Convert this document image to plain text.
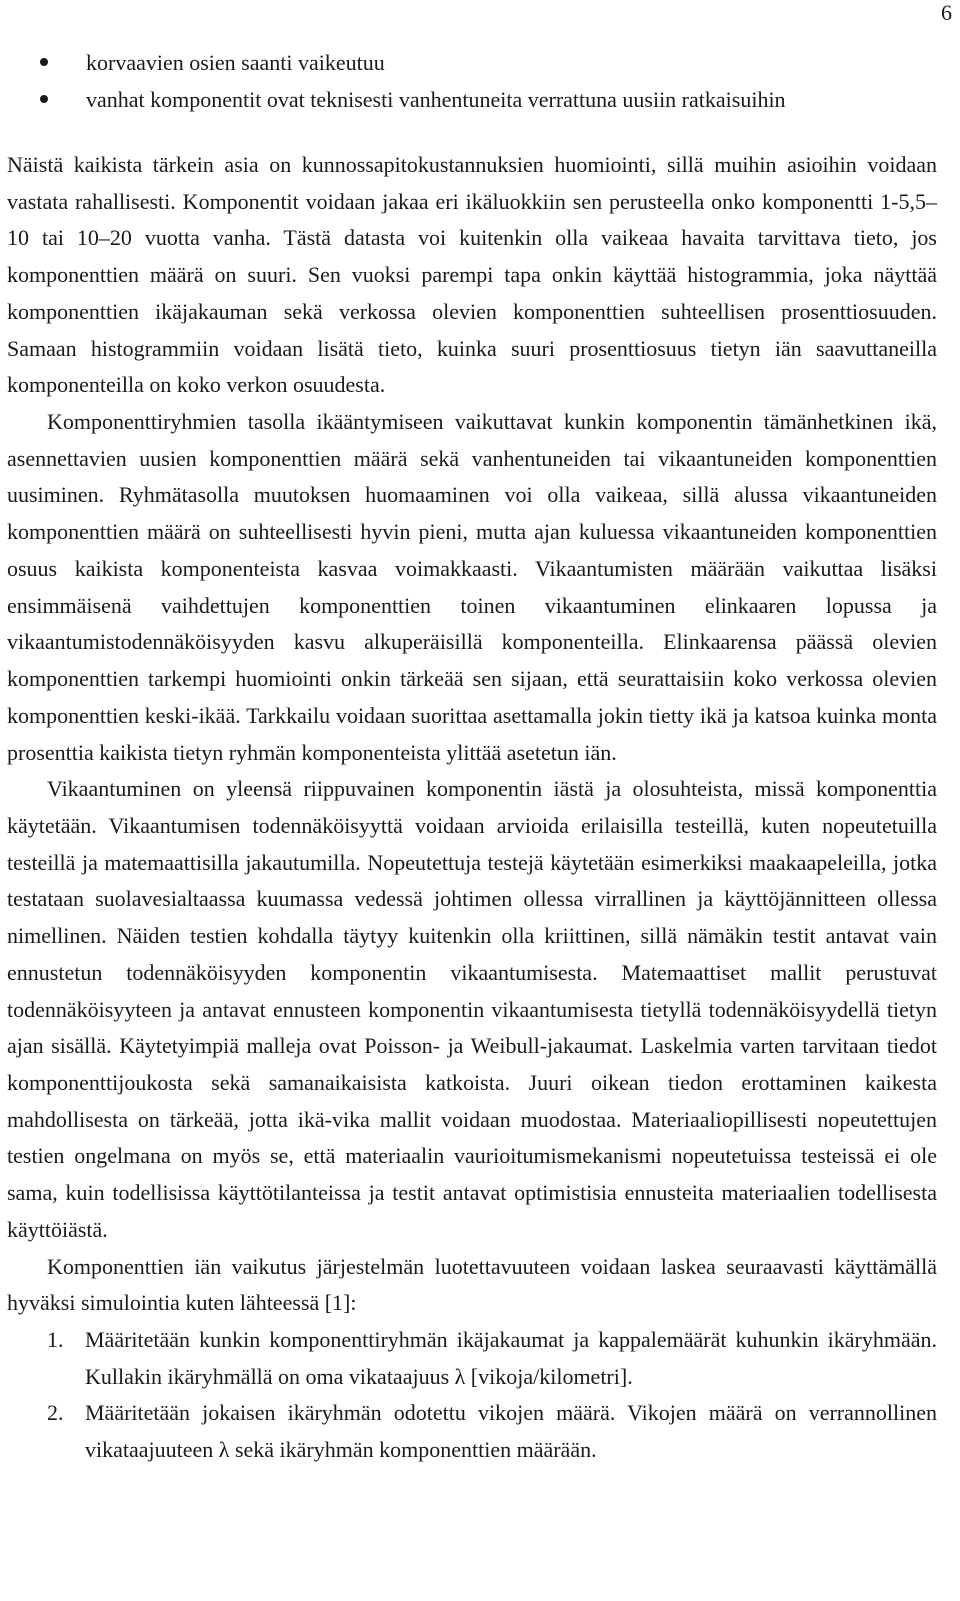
6
korvaavien osien saanti vaikeutuu
vanhat komponentit ovat teknisesti vanhentuneita verrattuna uusiin ratkaisuihin

Näistä kaikista tärkein asia on kunnossapitokustannuksien huomiointi, sillä muihin asioihin voidaan vastata rahallisesti. Komponentit voidaan jakaa eri ikäluokkiin sen perusteella onko komponentti 1-5,5–10 tai 10–20 vuotta vanha. Tästä datasta voi kuitenkin olla vaikeaa havaita tarvittava tieto, jos komponenttien määrä on suuri. Sen vuoksi parempi tapa onkin käyttää histogrammia, joka näyttää komponenttien ikäjakauman sekä verkossa olevien komponenttien suhteellisen prosenttiosuuden. Samaan histogrammiin voidaan lisätä tieto, kuinka suuri prosenttiosuus tietyn iän saavuttaneilla komponenteilla on koko verkon osuudesta.

Komponenttiryhmien tasolla ikääntymiseen vaikuttavat kunkin komponentin tämänhetkinen ikä, asennettavien uusien komponenttien määrä sekä vanhentuneiden tai vikaantuneiden komponenttien uusiminen. Ryhmätasolla muutoksen huomaaminen voi olla vaikeaa, sillä alussa vikaantuneiden komponenttien määrä on suhteellisesti hyvin pieni, mutta ajan kuluessa vikaantuneiden komponenttien osuus kaikista komponenteista kasvaa voimakkaasti. Vikaantumisten määrään vaikuttaa lisäksi ensimmäisenä vaihdettujen komponenttien toinen vikaantuminen elinkaaren lopussa ja vikaantumistodennäköisyyden kasvu alkuperäisillä komponenteilla. Elinkaarensa päässä olevien komponenttien tarkempi huomiointi onkin tärkeää sen sijaan, että seurattaisiin koko verkossa olevien komponenttien keski-ikää. Tarkkailu voidaan suorittaa asettamalla jokin tietty ikä ja katsoa kuinka monta prosenttia kaikista tietyn ryhmän komponenteista ylittää asetetun iän.

Vikaantuminen on yleensä riippuvainen komponentin iästä ja olosuhteista, missä komponenttia käytetään. Vikaantumisen todennäköisyyttä voidaan arvioida erilaisilla testeillä, kuten nopeutetuilla testeillä ja matemaattisilla jakautumilla. Nopeutettuja testejä käytetään esimerkiksi maakaapeleilla, jotka testataan suolavesialtaassa kuumassa vedessä johtimen ollessa virrallinen ja käyttöjännitteen ollessa nimellinen. Näiden testien kohdalla täytyy kuitenkin olla kriittinen, sillä nämäkin testit antavat vain ennustetun todennäköisyyden komponentin vikaantumisesta. Matemaattiset mallit perustuvat todennäköisyyteen ja antavat ennusteen komponentin vikaantumisesta tietyllä todennäköisyydellä tietyn ajan sisällä. Käytetyimpiä malleja ovat Poisson- ja Weibull-jakaumat. Laskelmia varten tarvitaan tiedot komponenttijoukosta sekä samanaikaisista katkoista. Juuri oikean tiedon erottaminen kaikesta mahdollisesta on tärkeää, jotta ikä-vika mallit voidaan muodostaa. Materiaaliopillisesti nopeutettujen testien ongelmana on myös se, että materiaalin vaurioitumismekanismi nopeutetuissa testeissä ei ole sama, kuin todellisissa käyttötilanteissa ja testit antavat optimistisia ennusteita materiaalien todellisesta käyttöiästä.

Komponenttien iän vaikutus järjestelmän luotettavuuteen voidaan laskea seuraavasti käyttämällä hyväksi simulointia kuten lähteessä [1]:

1. Määritetään kunkin komponenttiryhmän ikäjakaumat ja kappalemäärät kuhunkin ikäryhmään. Kullakin ikäryhmällä on oma vikataajuus λ [vikoja/kilometri].
2. Määritetään jokaisen ikäryhmän odotettu vikojen määrä. Vikojen määrä on verrannollinen vikataajuuteen λ sekä ikäryhmän komponenttien määrään.
